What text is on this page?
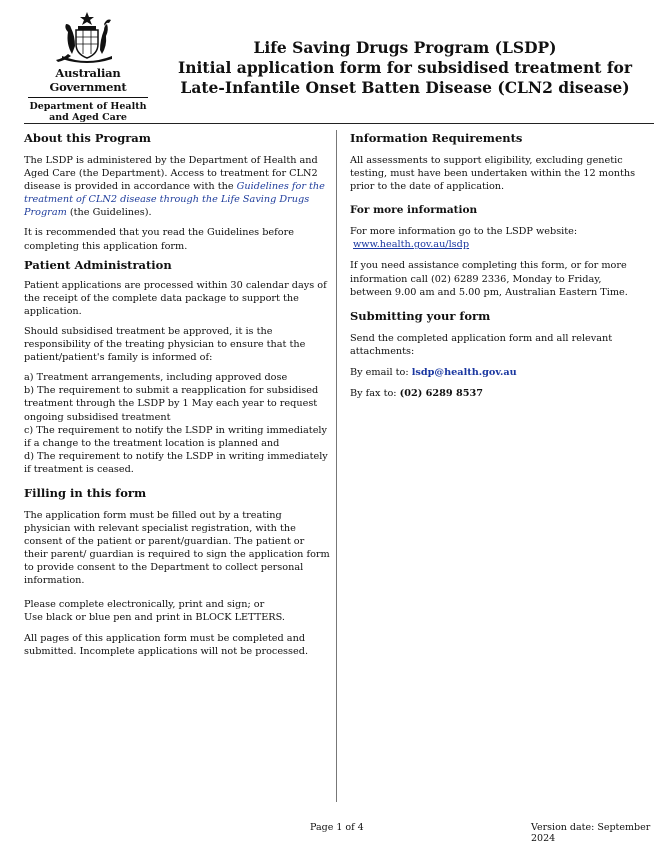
Australian Government
Department of Health
and Aged Care
Life Saving Drugs Program (LSDP)
Initial application form for subsidised treatment for
Late-Infantile Onset Batten Disease (CLN2 disease)
About this Program

The LSDP is administered by the Department of Health and Aged Care (the Department). Access to treatment for CLN2 disease is provided in accordance with the Guidelines for the treatment of CLN2 disease through the Life Saving Drugs Program (the Guidelines).

It is recommended that you read the Guidelines before completing this application form.

Patient Administration

Patient applications are processed within 30 calendar days of the receipt of the complete data package to support the application.

Should subsidised treatment be approved, it is the responsibility of the treating physician to ensure that the patient/patient's family is informed of:

a) Treatment arrangements, including approved dose
b) The requirement to submit a reapplication for subsidised treatment through the LSDP by 1 May each year to request ongoing subsidised treatment
c) The requirement to notify the LSDP in writing immediately if a change to the treatment location is planned and
d) The requirement to notify the LSDP in writing immediately if treatment is ceased.
Filling in this form

The application form must be filled out by a treating physician with relevant specialist registration, with the consent of the patient or parent/guardian. The patient or their parent/ guardian is required to sign the application form to provide consent to the Department to collect personal information.

Please complete electronically, print and sign; or
Use black or blue pen and print in BLOCK LETTERS.

All pages of this application form must be completed and submitted. Incomplete applications will not be processed.

Information Requirements

All assessments to support eligibility, excluding genetic testing, must have been undertaken within the 12 months prior to the date of application.

For more information

For more information go to the LSDP website:
www.health.gov.au/lsdp

If you need assistance completing this form, or for more information call (02) 6289 2336, Monday to Friday, between 9.00 am and 5.00 pm, Australian Eastern Time.

Submitting your form

Send the completed application form and all relevant attachments:

By email to: lsdp@health.gov.au

By fax to: (02) 6289 8537

Page 1 of 4	Version date: September 2024
